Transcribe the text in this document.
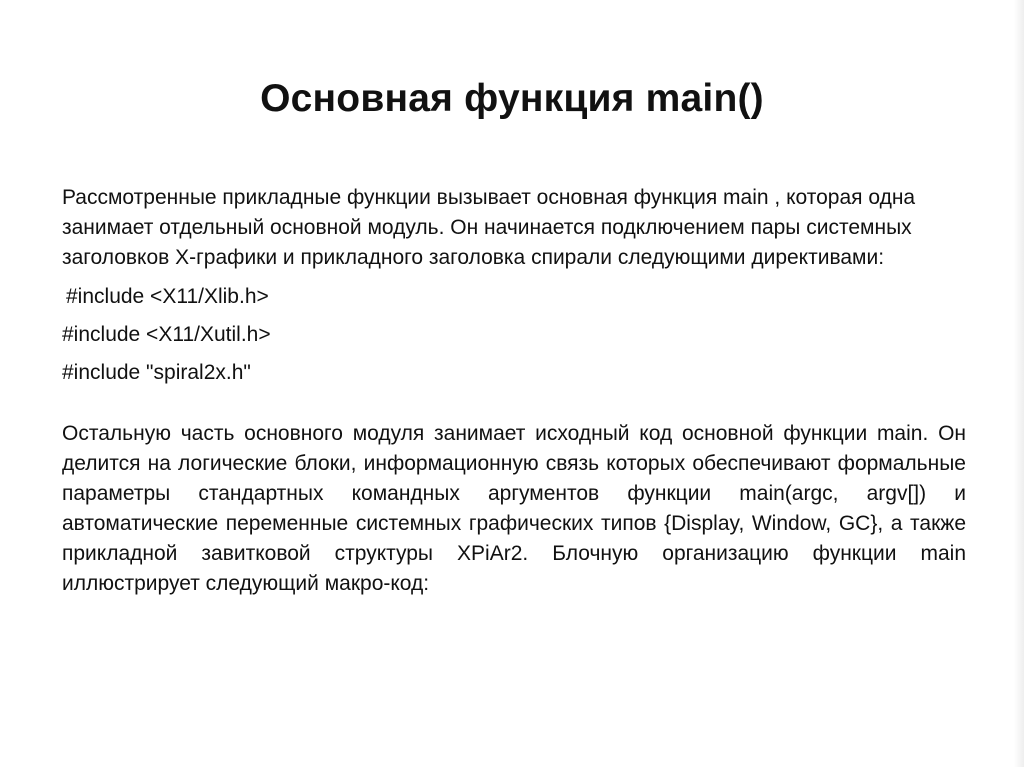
Основная функция main()

Рассмотренные прикладные функции вызывает основная функция main , которая одна занимает отдельный основной модуль. Он начинается подключением пары системных заголовков X-графики и прикладного заголовка спирали следующими директивами:

#include <X11/Xlib.h>
#include <X11/Xutil.h>
#include "spiral2x.h"

Остальную часть основного модуля занимает исходный код основной функции main. Он делится на логические блоки, информационную связь которых обеспечивают формальные параметры стандартных командных аргументов функции main(argc, argv[]) и автоматические переменные системных графических типов {Display, Window, GC}, а также прикладной завитковой структуры XPiAr2. Блочную организацию функции main иллюстрирует следующий макро-код:
